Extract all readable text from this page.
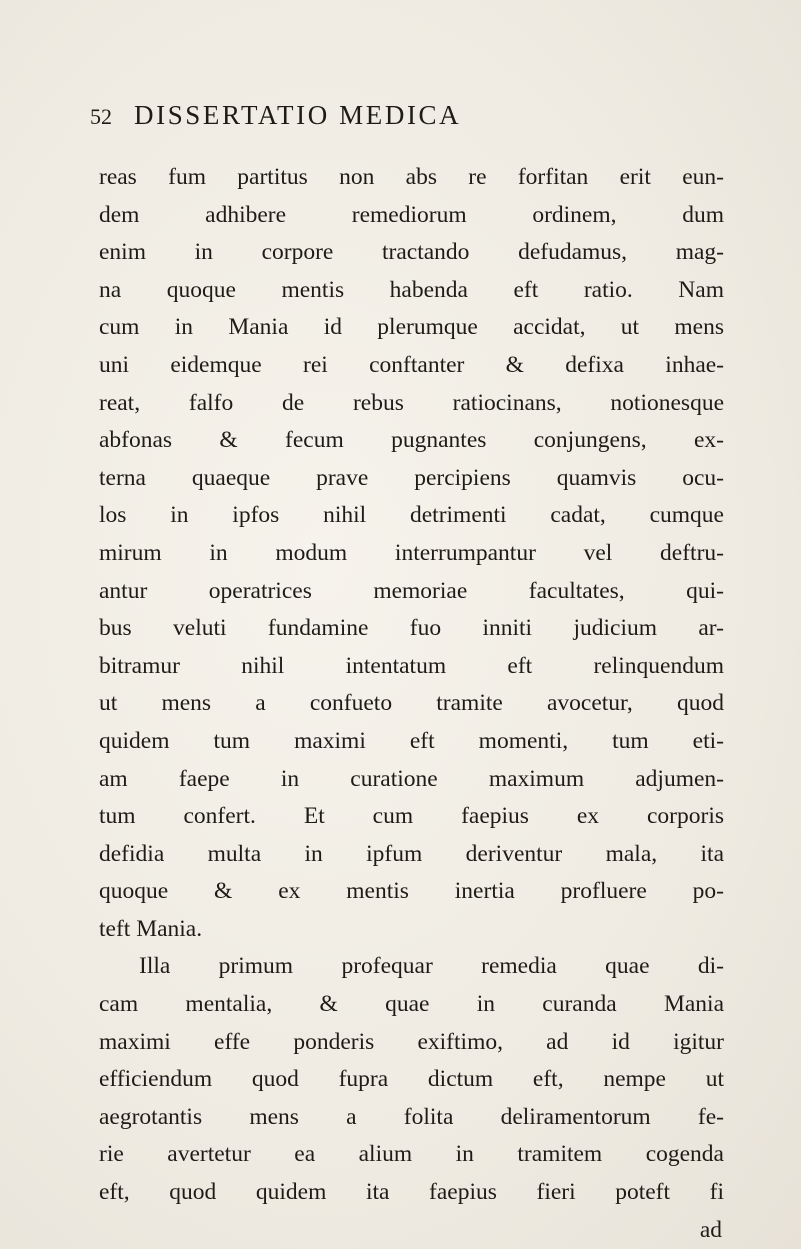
52 DISSERTATIO MEDICA
reas fum partitus non abs re forfitan erit eun-
dem adhibere remediorum ordinem, dum
enim in corpore tractando defudamus, mag-
na quoque mentis habenda eft ratio. Nam
cum in Mania id plerumque accidat, ut mens
uni eidemque rei conftanter & defixa inhae-
reat, falfo de rebus ratiocinans, notionesque
abfonas & fecum pugnantes conjungens, ex-
terna quaeque prave percipiens quamvis ocu-
los in ipfos nihil detrimenti cadat, cumque
mirum in modum interrumpantur vel deftru-
antur operatrices memoriae facultates, qui-
bus veluti fundamine fuo inniti judicium ar-
bitramur nihil intentatum eft relinquendum
ut mens a confueto tramite avocetur, quod
quidem tum maximi eft momenti, tum eti-
am faepe in curatione maximum adjumen-
tum confert. Et cum faepius ex corporis
defidia multa in ipfum deriventur mala, ita
quoque & ex mentis inertia profluere po-
teft Mania.
Illa primum profequar remedia quae di-
cam mentalia, & quae in curanda Mania
maximi effe ponderis exiftimo, ad id igitur
efficiendum quod fupra dictum eft, nempe ut
aegrotantis mens a folita deliramentorum fe-
rie avertetur ea alium in tramitem cogenda
eft, quod quidem ita faepius fieri poteft fi
ad
